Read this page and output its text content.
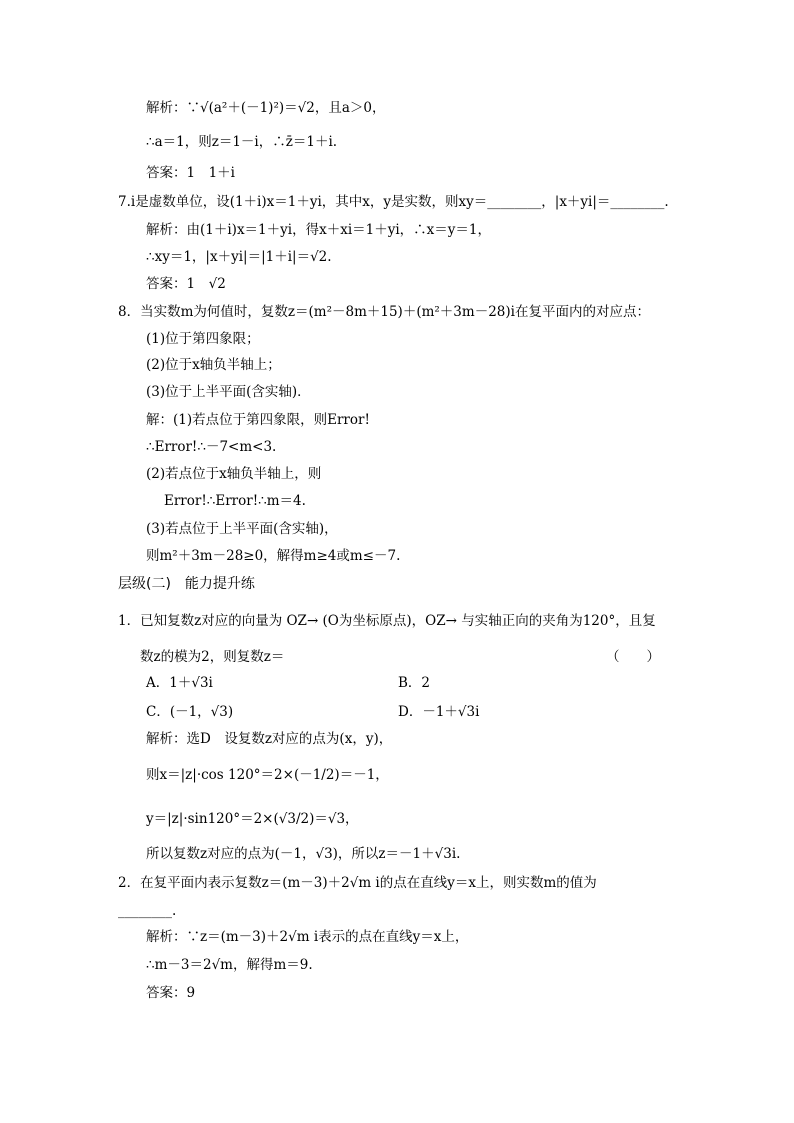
解析：∵√(a²＋(－1)²)＝√2，且a＞0，
∴a＝1，则z＝1－i，∴z̄＝1＋i.
答案：1　1＋i
7.i是虚数单位，设(1＋i)x＝1＋yi，其中x，y是实数，则xy＝________，|x＋yi|＝________.
解析：由(1＋i)x＝1＋yi，得x＋xi＝1＋yi，∴x＝y＝1，
∴xy＝1，|x＋yi|＝|1＋i|＝√2.
答案：1　√2
8．当实数m为何值时，复数z＝(m²－8m＋15)＋(m²＋3m－28)i在复平面内的对应点：
(1)位于第四象限；
(2)位于x轴负半轴上；
(3)位于上半平面(含实轴)．
解：(1)若点位于第四象限，则Error!
∴Error!∴－7<m<3.
(2)若点位于x轴负半轴上，则
Error!∴Error!∴m＝4.
(3)若点位于上半平面(含实轴)，
则m²＋3m－28≥0，解得m≥4或m≤－7.
层级(二)　能力提升练
1．已知复数z对应的向量为 OZ→ (O为坐标原点)，OZ→ 与实轴正向的夹角为120°，且复
数z的模为2，则复数z＝	（　　）
A．1＋√3i	B．2
C．(－1，√3)	D．－1＋√3i
解析：选D　设复数z对应的点为(x，y)，
则x＝|z|·cos 120°＝2×(－1/2)＝－1，
y＝|z|·sin120°＝2×(√3/2)＝√3，
所以复数z对应的点为(－1，√3)，所以z＝－1＋√3i.
2．在复平面内表示复数z＝(m－3)＋2√m i的点在直线y＝x上，则实数m的值为
________.
解析：∵z＝(m－3)＋2√m i表示的点在直线y＝x上，
∴m－3＝2√m，解得m＝9.
答案：9
